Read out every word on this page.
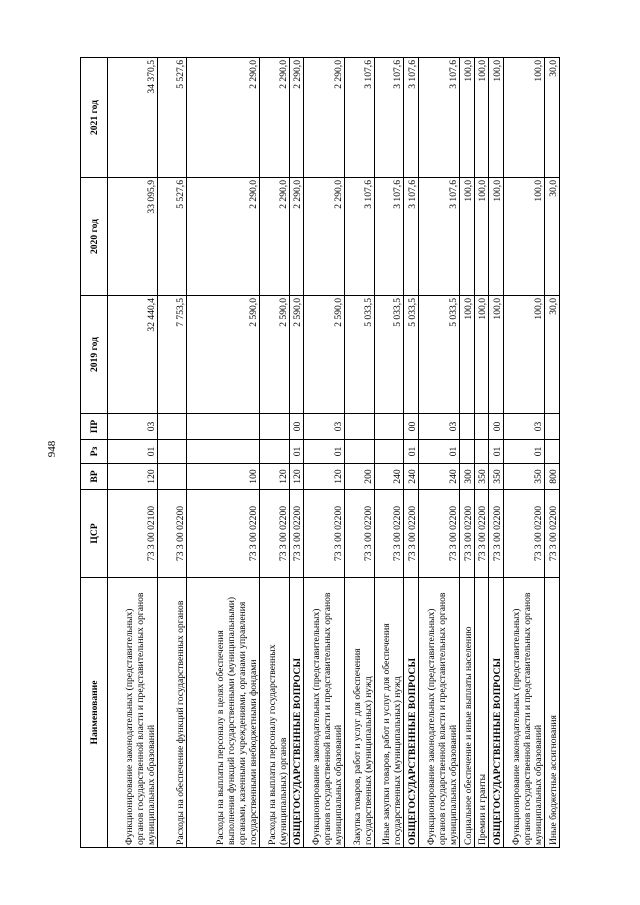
948
Наименование	ЦСР	ВР	Рз	ПР	2019 год	2020 год	2021 год
Функционирование законодательных (представительных) органов государственной власти и представительных органов муниципальных образований	73 3 00 02100	120	01	03	32 440,4	33 095,9	34 370,5
Расходы на обеспечение функций государственных органов	73 3 00 02200				7 753,5	5 527,6	5 527,6
Расходы на выплаты персоналу в целях обеспечения выполнения функций государственными (муниципальными) органами, казенными учреждениями, органами управления государственными внебюджетными фондами	73 3 00 02200	100			2 590,0	2 290,0	2 290,0
Расходы на выплаты персоналу государственных (муниципальных) органов	73 3 00 02200	120			2 590,0	2 290,0	2 290,0
ОБЩЕГОСУДАРСТВЕННЫЕ ВОПРОСЫ	73 3 00 02200	120	01	00	2 590,0	2 290,0	2 290,0
Функционирование законодательных (представительных) органов государственной власти и представительных органов муниципальных образований	73 3 00 02200	120	01	03	2 590,0	2 290,0	2 290,0
Закупка товаров, работ и услуг для обеспечения государственных (муниципальных) нужд	73 3 00 02200	200			5 033,5	3 107,6	3 107,6
Иные закупки товаров, работ и услуг для обеспечения государственных (муниципальных) нужд	73 3 00 02200	240			5 033,5	3 107,6	3 107,6
ОБЩЕГОСУДАРСТВЕННЫЕ ВОПРОСЫ	73 3 00 02200	240	01	00	5 033,5	3 107,6	3 107,6
Функционирование законодательных (представительных) органов государственной власти и представительных органов муниципальных образований	73 3 00 02200	240	01	03	5 033,5	3 107,6	3 107,6
Социальное обеспечение и иные выплаты населению	73 3 00 02200	300			100,0	100,0	100,0
Премии и гранты	73 3 00 02200	350			100,0	100,0	100,0
ОБЩЕГОСУДАРСТВЕННЫЕ ВОПРОСЫ	73 3 00 02200	350	01	00	100,0	100,0	100,0
Функционирование законодательных (представительных) органов государственной власти и представительных органов муниципальных образований	73 3 00 02200	350	01	03	100,0	100,0	100,0
Иные бюджетные ассигнования	73 3 00 02200	800			30,0	30,0	30,0
